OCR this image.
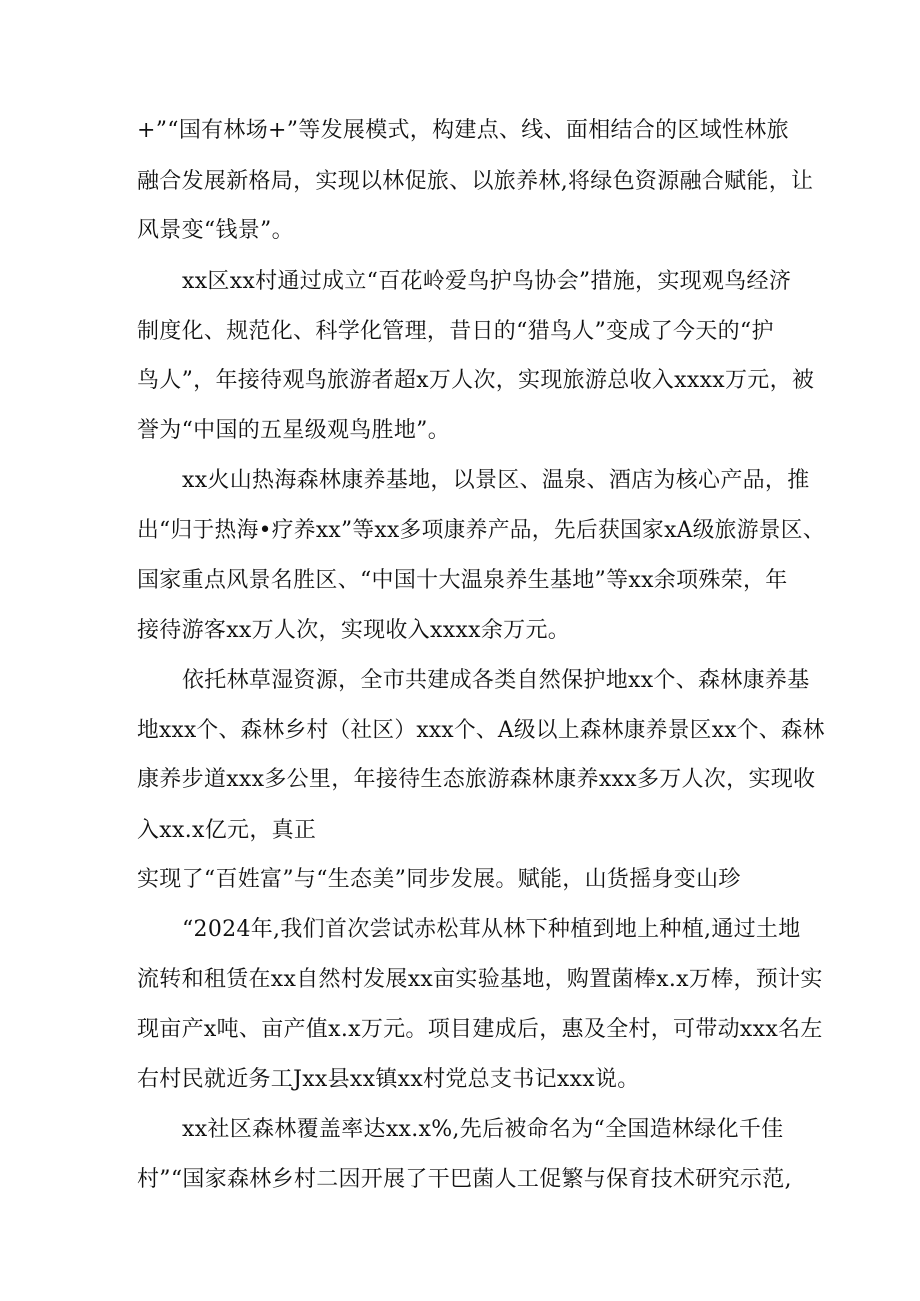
+”“国有林场+”等发展模式，构建点、线、面相结合的区域性林旅
融合发展新格局，实现以林促旅、以旅养林,将绿色资源融合赋能，让
风景变“钱景”。
xx区xx村通过成立“百花岭爱鸟护鸟协会”措施，实现观鸟经济
制度化、规范化、科学化管理，昔日的“猎鸟人”变成了今天的“护
鸟人”，年接待观鸟旅游者超x万人次，实现旅游总收入xxxx万元，被
誉为“中国的五星级观鸟胜地”。
xx火山热海森林康养基地，以景区、温泉、酒店为核心产品，推
出“归于热海•疗养xx”等xx多项康养产品，先后获国家xA级旅游景区、
国家重点风景名胜区、“中国十大温泉养生基地”等xx余项殊荣，年
接待游客xx万人次，实现收入xxxx余万元。
依托林草湿资源，全市共建成各类自然保护地xx个、森林康养基
地xxx个、森林乡村（社区）xxx个、A级以上森林康养景区xx个、森林
康养步道xxx多公里，年接待生态旅游森林康养xxx多万人次，实现收
入xx.x亿元，真正
实现了“百姓富”与“生态美”同步发展。赋能，山货摇身变山珍
“2024年,我们首次尝试赤松茸从林下种植到地上种植,通过土地
流转和租赁在xx自然村发展xx亩实验基地，购置菌棒x.x万棒，预计实
现亩产x吨、亩产值x.x万元。项目建成后，惠及全村，可带动xxx名左
右村民就近务工Jxx县xx镇xx村党总支书记xxx说。
xx社区森林覆盖率达xx.x%,先后被命名为“全国造林绿化千佳
村”“国家森林乡村二因开展了干巴菌人工促繁与保育技术研究示范,
